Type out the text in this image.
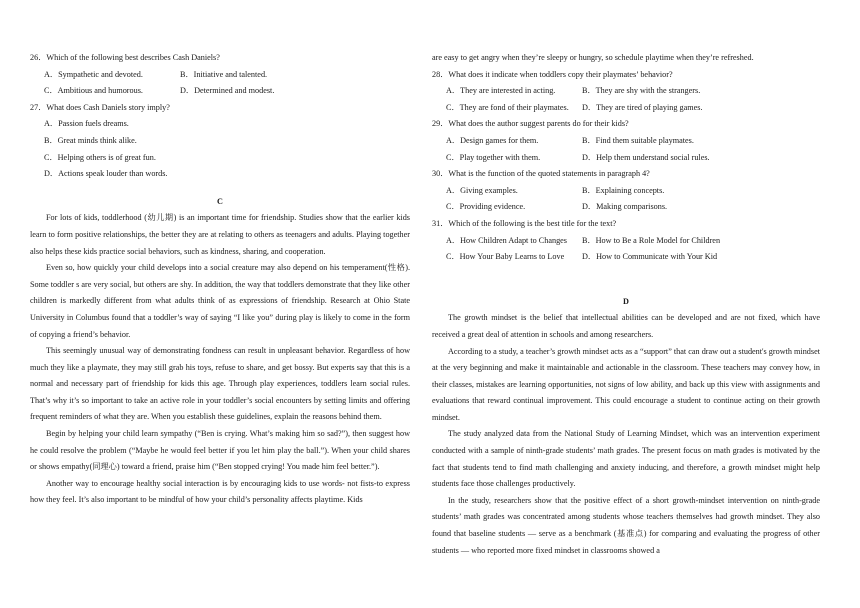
26．Which of the following best describes Cash Daniels?
A．Sympathetic and devoted.	B．Initiative and talented.
C．Ambitious and humorous.	D．Determined and modest.
27．What does Cash Daniels story imply?
A．Passion fuels dreams.
B．Great minds think alike.
C．Helping others is of great fun.
D．Actions speak louder than words.
C

For lots of kids, toddlerhood (幼儿期) is an important time for friendship. Studies show that the earlier kids learn to form positive relationships, the better they are at relating to others as teenagers and adults. Playing together also helps these kids practice social behaviors, such as kindness, sharing, and cooperation.

Even so, how quickly your child develops into a social creature may also depend on his temperament(性格). Some toddler s are very social, but others are shy. In addition, the way that toddlers demonstrate that they like other children is markedly different from what adults think of as expressions of friendship. Research at Ohio State University in Columbus found that a toddler’s way of saying “I like you” during play is likely to come in the form of copying a friend’s behavior.

This seemingly unusual way of demonstrating fondness can result in unpleasant behavior. Regardless of how much they like a playmate, they may still grab his toys, refuse to share, and get bossy. But experts say that this is a normal and necessary part of friendship for kids this age. Through play experiences, toddlers learn social rules. That’s why it’s so important to take an active role in your toddler’s social encounters by setting limits and offering frequent reminders of what they are. When you establish these guidelines, explain the reasons behind them.

Begin by helping your child learn sympathy (“Ben is crying. What’s making him so sad?”), then suggest how he could resolve the problem (“Maybe he would feel better if you let him play the ball.”). When your child shares or shows empathy(同理心) toward a friend, praise him (“Ben stopped crying! You made him feel better.”).

Another way to encourage healthy social interaction is by encouraging kids to use words- not fists-to express how they feel. It’s also important to be mindful of how your child’s personality affects playtime. Kids

are easy to get angry when they’re sleepy or hungry, so schedule playtime when they’re refreshed.
28．What does it indicate when toddlers copy their playmates’ behavior?
A．They are interested in acting.	B．They are shy with the strangers.
C．They are fond of their playmates.	D．They are tired of playing games.
29．What does the author suggest parents do for their kids?
A．Design games for them.	B．Find them suitable playmates.
C．Play together with them.	D．Help them understand social rules.
30．What is the function of the quoted statements in paragraph 4?
A．Giving examples.	B．Explaining concepts.
C．Providing evidence.	D．Making comparisons.
31．Which of the following is the best title for the text?
A．How Children Adapt to Changes	B．How to Be a Role Model for Children
C．How Your Baby Learns to Love	D．How to Communicate with Your Kid
D

The growth mindset is the belief that intellectual abilities can be developed and are not fixed, which have received a great deal of attention in schools and among researchers.

According to a study, a teacher’s growth mindset acts as a “support” that can draw out a student's growth mindset at the very beginning and make it maintainable and actionable in the classroom. These teachers may convey how, in their classes, mistakes are learning opportunities, not signs of low ability, and back up this view with assignments and evaluations that reward continual improvement. This could encourage a student to continue acting on their growth mindset.

The study analyzed data from the National Study of Learning Mindset, which was an intervention experiment conducted with a sample of ninth-grade students’ math grades. The present focus on math grades is motivated by the fact that students tend to find math challenging and anxiety inducing, and therefore, a growth mindset might help students face those challenges productively.

In the study, researchers show that the positive effect of a short growth-mindset intervention on ninth-grade students’ math grades was concentrated among students whose teachers themselves had growth mindset. They also found that baseline students — serve as a benchmark (基准点) for comparing and evaluating the progress of other students — who reported more fixed mindset in classrooms showed a
